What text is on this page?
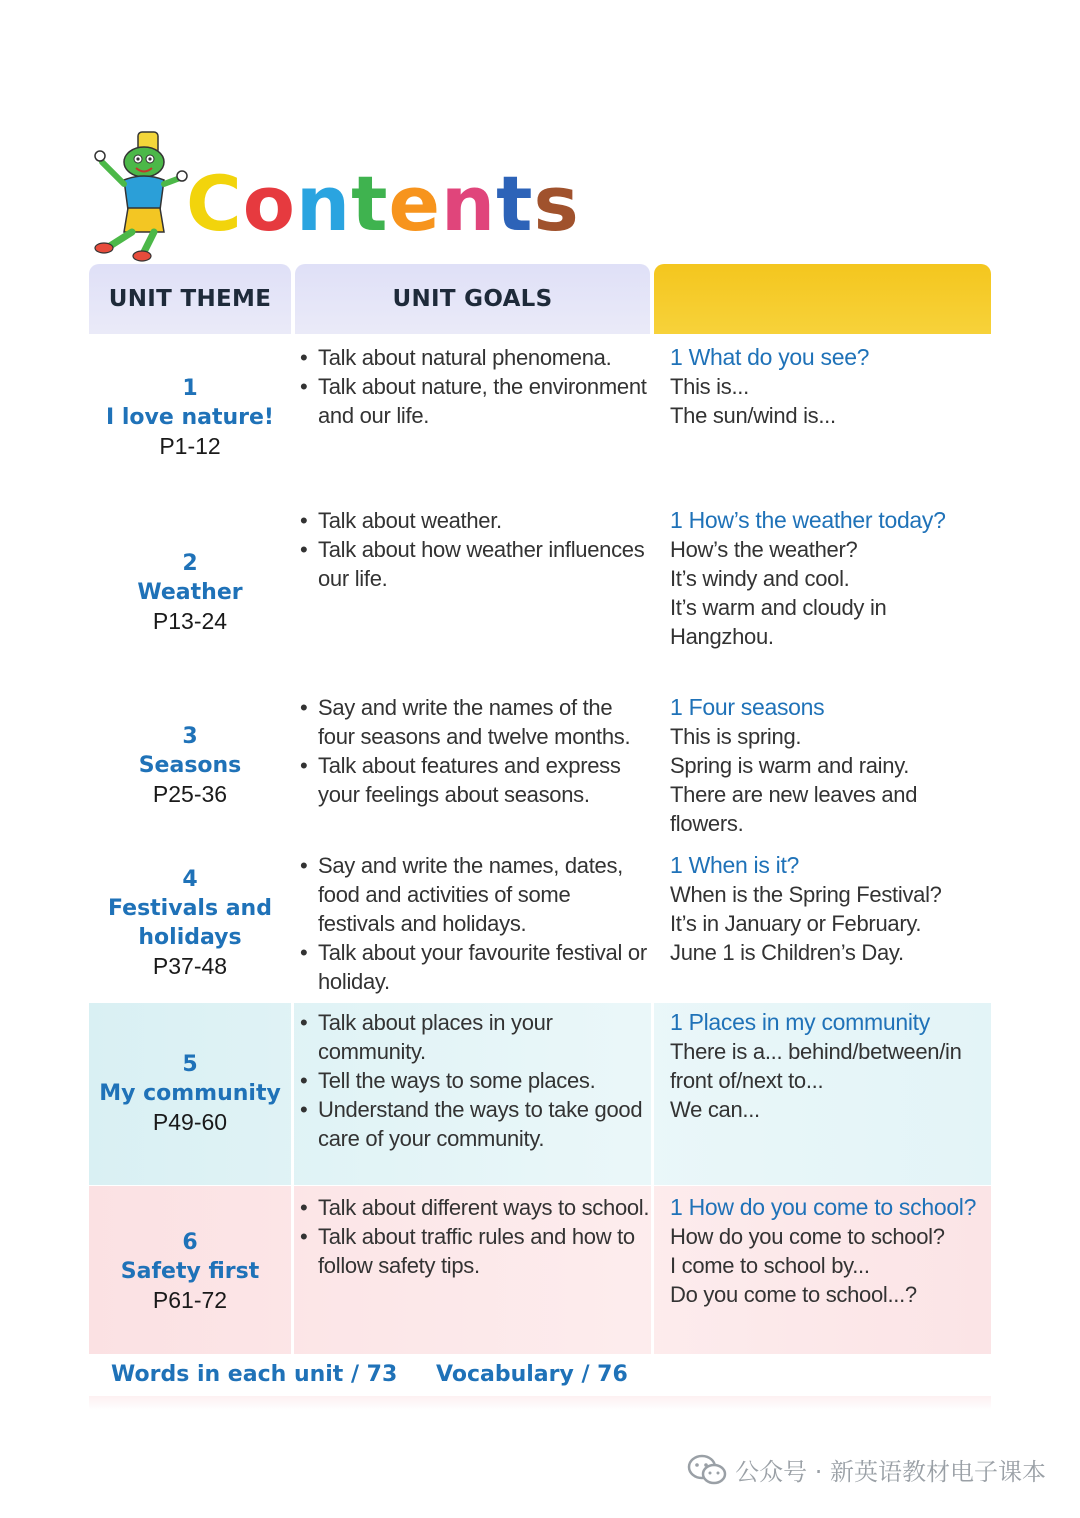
Contents
UNIT THEME	UNIT GOALS
1
I love nature!
P1-12
• Talk about natural phenomena.
• Talk about nature, the environment and our life.
1 What do you see?
This is...
The sun/wind is...
2
Weather
P13-24
• Talk about weather.
• Talk about how weather influences our life.
1 How’s the weather today?
How’s the weather?
It’s windy and cool.
It’s warm and cloudy in
Hangzhou.
3
Seasons
P25-36
• Say and write the names of the four seasons and twelve months.
• Talk about features and express your feelings about seasons.
1 Four seasons
This is spring.
Spring is warm and rainy.
There are new leaves and
flowers.
4
Festivals and
holidays
P37-48
• Say and write the names, dates, food and activities of some festivals and holidays.
• Talk about your favourite festival or holiday.
1 When is it?
When is the Spring Festival?
It’s in January or February.
June 1 is Children’s Day.
5
My community
P49-60
• Talk about places in your community.
• Tell the ways to some places.
• Understand the ways to take good care of your community.
1 Places in my community
There is a... behind/between/in
front of/next to...
We can...
6
Safety first
P61-72
• Talk about different ways to school.
• Talk about traffic rules and how to follow safety tips.
1 How do you come to school?
How do you come to school?
I come to school by...
Do you come to school...?
Words in each unit / 73 Vocabulary / 76
公众号 · 新英语教材电子课本
